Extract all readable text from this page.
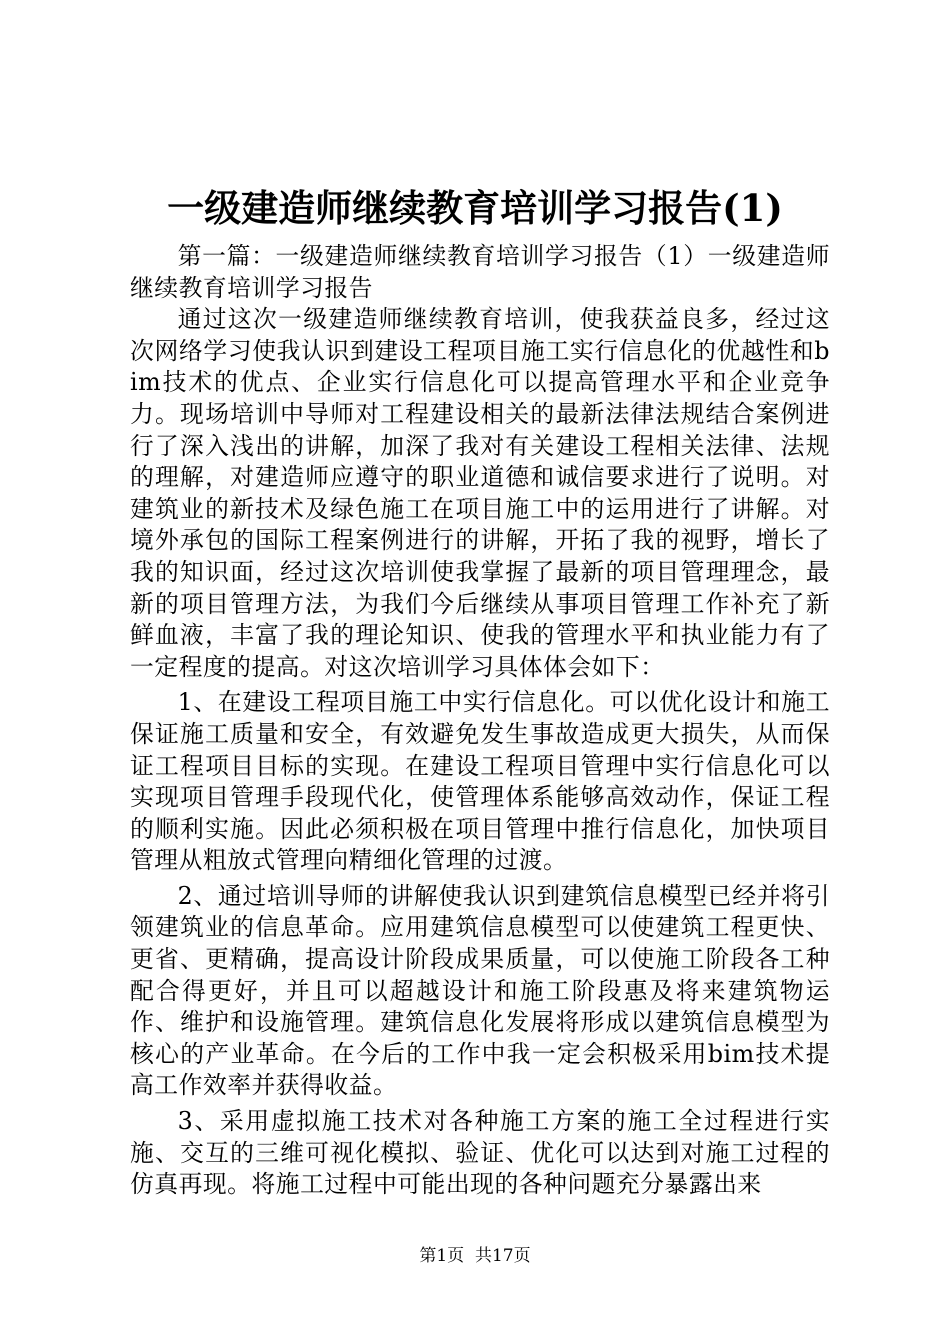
一级建造师继续教育培训学习报告(1)

第一篇：一级建造师继续教育培训学习报告（1）一级建造师继续教育培训学习报告

通过这次一级建造师继续教育培训，使我获益良多，经过这次网络学习使我认识到建设工程项目施工实行信息化的优越性和bim技术的优点、企业实行信息化可以提高管理水平和企业竞争力。现场培训中导师对工程建设相关的最新法律法规结合案例进行了深入浅出的讲解，加深了我对有关建设工程相关法律、法规的理解，对建造师应遵守的职业道德和诚信要求进行了说明。对建筑业的新技术及绿色施工在项目施工中的运用进行了讲解。对境外承包的国际工程案例进行的讲解，开拓了我的视野，增长了我的知识面，经过这次培训使我掌握了最新的项目管理理念，最新的项目管理方法，为我们今后继续从事项目管理工作补充了新鲜血液，丰富了我的理论知识、使我的管理水平和执业能力有了一定程度的提高。对这次培训学习具体体会如下：

1、在建设工程项目施工中实行信息化。可以优化设计和施工保证施工质量和安全，有效避免发生事故造成更大损失，从而保证工程项目目标的实现。在建设工程项目管理中实行信息化可以实现项目管理手段现代化，使管理体系能够高效动作，保证工程的顺利实施。因此必须积极在项目管理中推行信息化，加快项目管理从粗放式管理向精细化管理的过渡。

2、通过培训导师的讲解使我认识到建筑信息模型已经并将引领建筑业的信息革命。应用建筑信息模型可以使建筑工程更快、更省、更精确，提高设计阶段成果质量，可以使施工阶段各工种配合得更好，并且可以超越设计和施工阶段惠及将来建筑物运作、维护和设施管理。建筑信息化发展将形成以建筑信息模型为核心的产业革命。在今后的工作中我一定会积极采用bim技术提高工作效率并获得收益。

3、采用虚拟施工技术对各种施工方案的施工全过程进行实施、交互的三维可视化模拟、验证、优化可以达到对施工过程的仿真再现。将施工过程中可能出现的各种问题充分暴露出来

第1页  共17页
